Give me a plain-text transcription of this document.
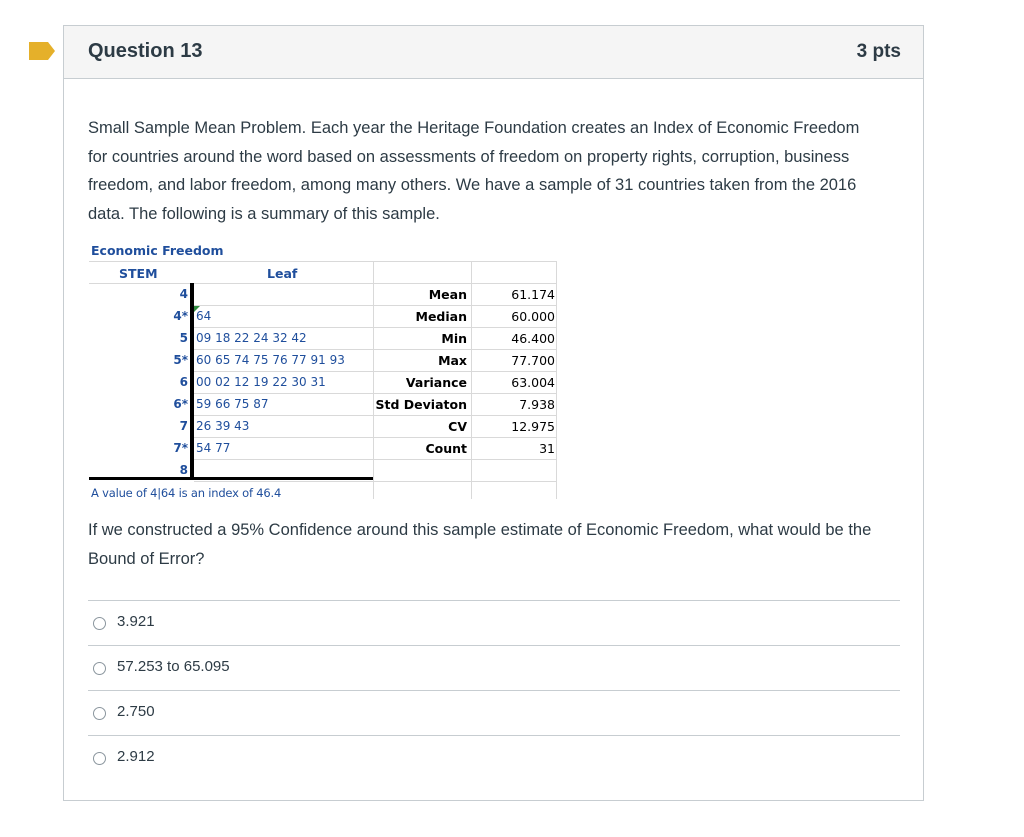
Question 13	3 pts
Small Sample Mean Problem. Each year the Heritage Foundation creates an Index of Economic Freedom for countries around the word based on assessments of freedom on property rights, corruption, business freedom, and labor freedom, among many others. We have a sample of 31 countries taken from the 2016 data. The following is a summary of this sample.
Economic Freedom
STEM	Leaf
4
4* 64
5 09 18 22 24 32 42
5* 60 65 74 75 76 77 91 93
6 00 02 12 19 22 30 31
6* 59 66 75 87
7 26 39 43
7* 54 77
8
Mean	61.174
Median	60.000
Min	46.400
Max	77.700
Variance	63.004
Std Deviaton	7.938
CV	12.975
Count	31
A value of 4|64 is an index of 46.4
If we constructed a 95% Confidence around this sample estimate of Economic Freedom, what would be the Bound of Error?
3.921
57.253 to 65.095
2.750
2.912
